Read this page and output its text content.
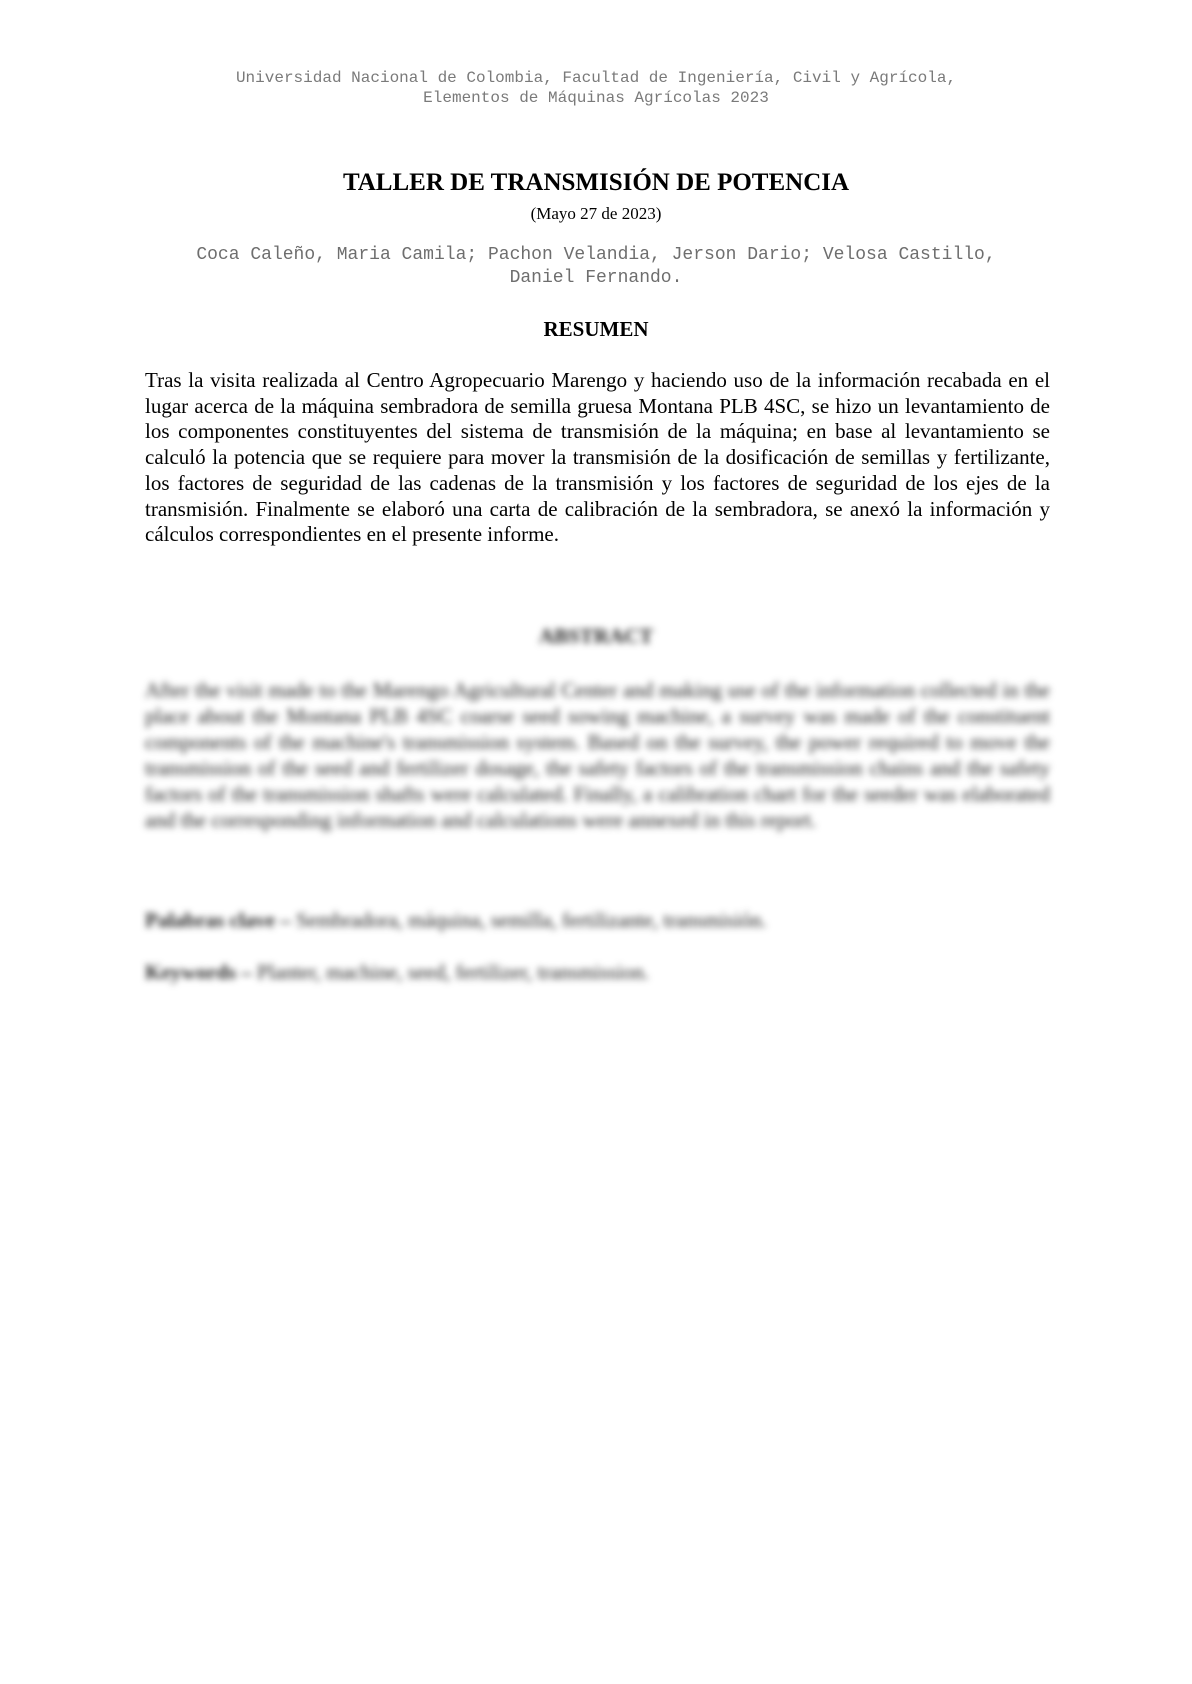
Universidad Nacional de Colombia, Facultad de Ingeniería, Civil y Agrícola,
Elementos de Máquinas Agrícolas 2023
TALLER DE TRANSMISIÓN DE POTENCIA
(Mayo 27 de 2023)
Coca Caleño, Maria Camila; Pachon Velandia, Jerson Dario; Velosa Castillo, Daniel Fernando.
RESUMEN
Tras la visita realizada al Centro Agropecuario Marengo y haciendo uso de la información recabada en el lugar acerca de la máquina sembradora de semilla gruesa Montana PLB 4SC, se hizo un levantamiento de los componentes constituyentes del sistema de transmisión de la máquina; en base al levantamiento se calculó la potencia que se requiere para mover la transmisión de la dosificación de semillas y fertilizante, los factores de seguridad de las cadenas de la transmisión y los factores de seguridad de los ejes de la transmisión. Finalmente se elaboró una carta de calibración de la sembradora, se anexó la información y cálculos correspondientes en el presente informe.
ABSTRACT
After the visit made to the Marengo Agricultural Center and making use of the information collected in the place about the Montana PLB 4SC coarse seed sowing machine, a survey was made of the constituent components of the machine's transmission system. Based on the survey, the power required to move the transmission of the seed and fertilizer dosage, the safety factors of the transmission chains and the safety factors of the transmission shafts were calculated. Finally, a calibration chart for the seeder was elaborated and the corresponding information and calculations were annexed in this report.
Palabras clave – Sembradora, máquina, semilla, fertilizante, transmisión.
Keywords – Planter, machine, seed, fertilizer, transmission.
